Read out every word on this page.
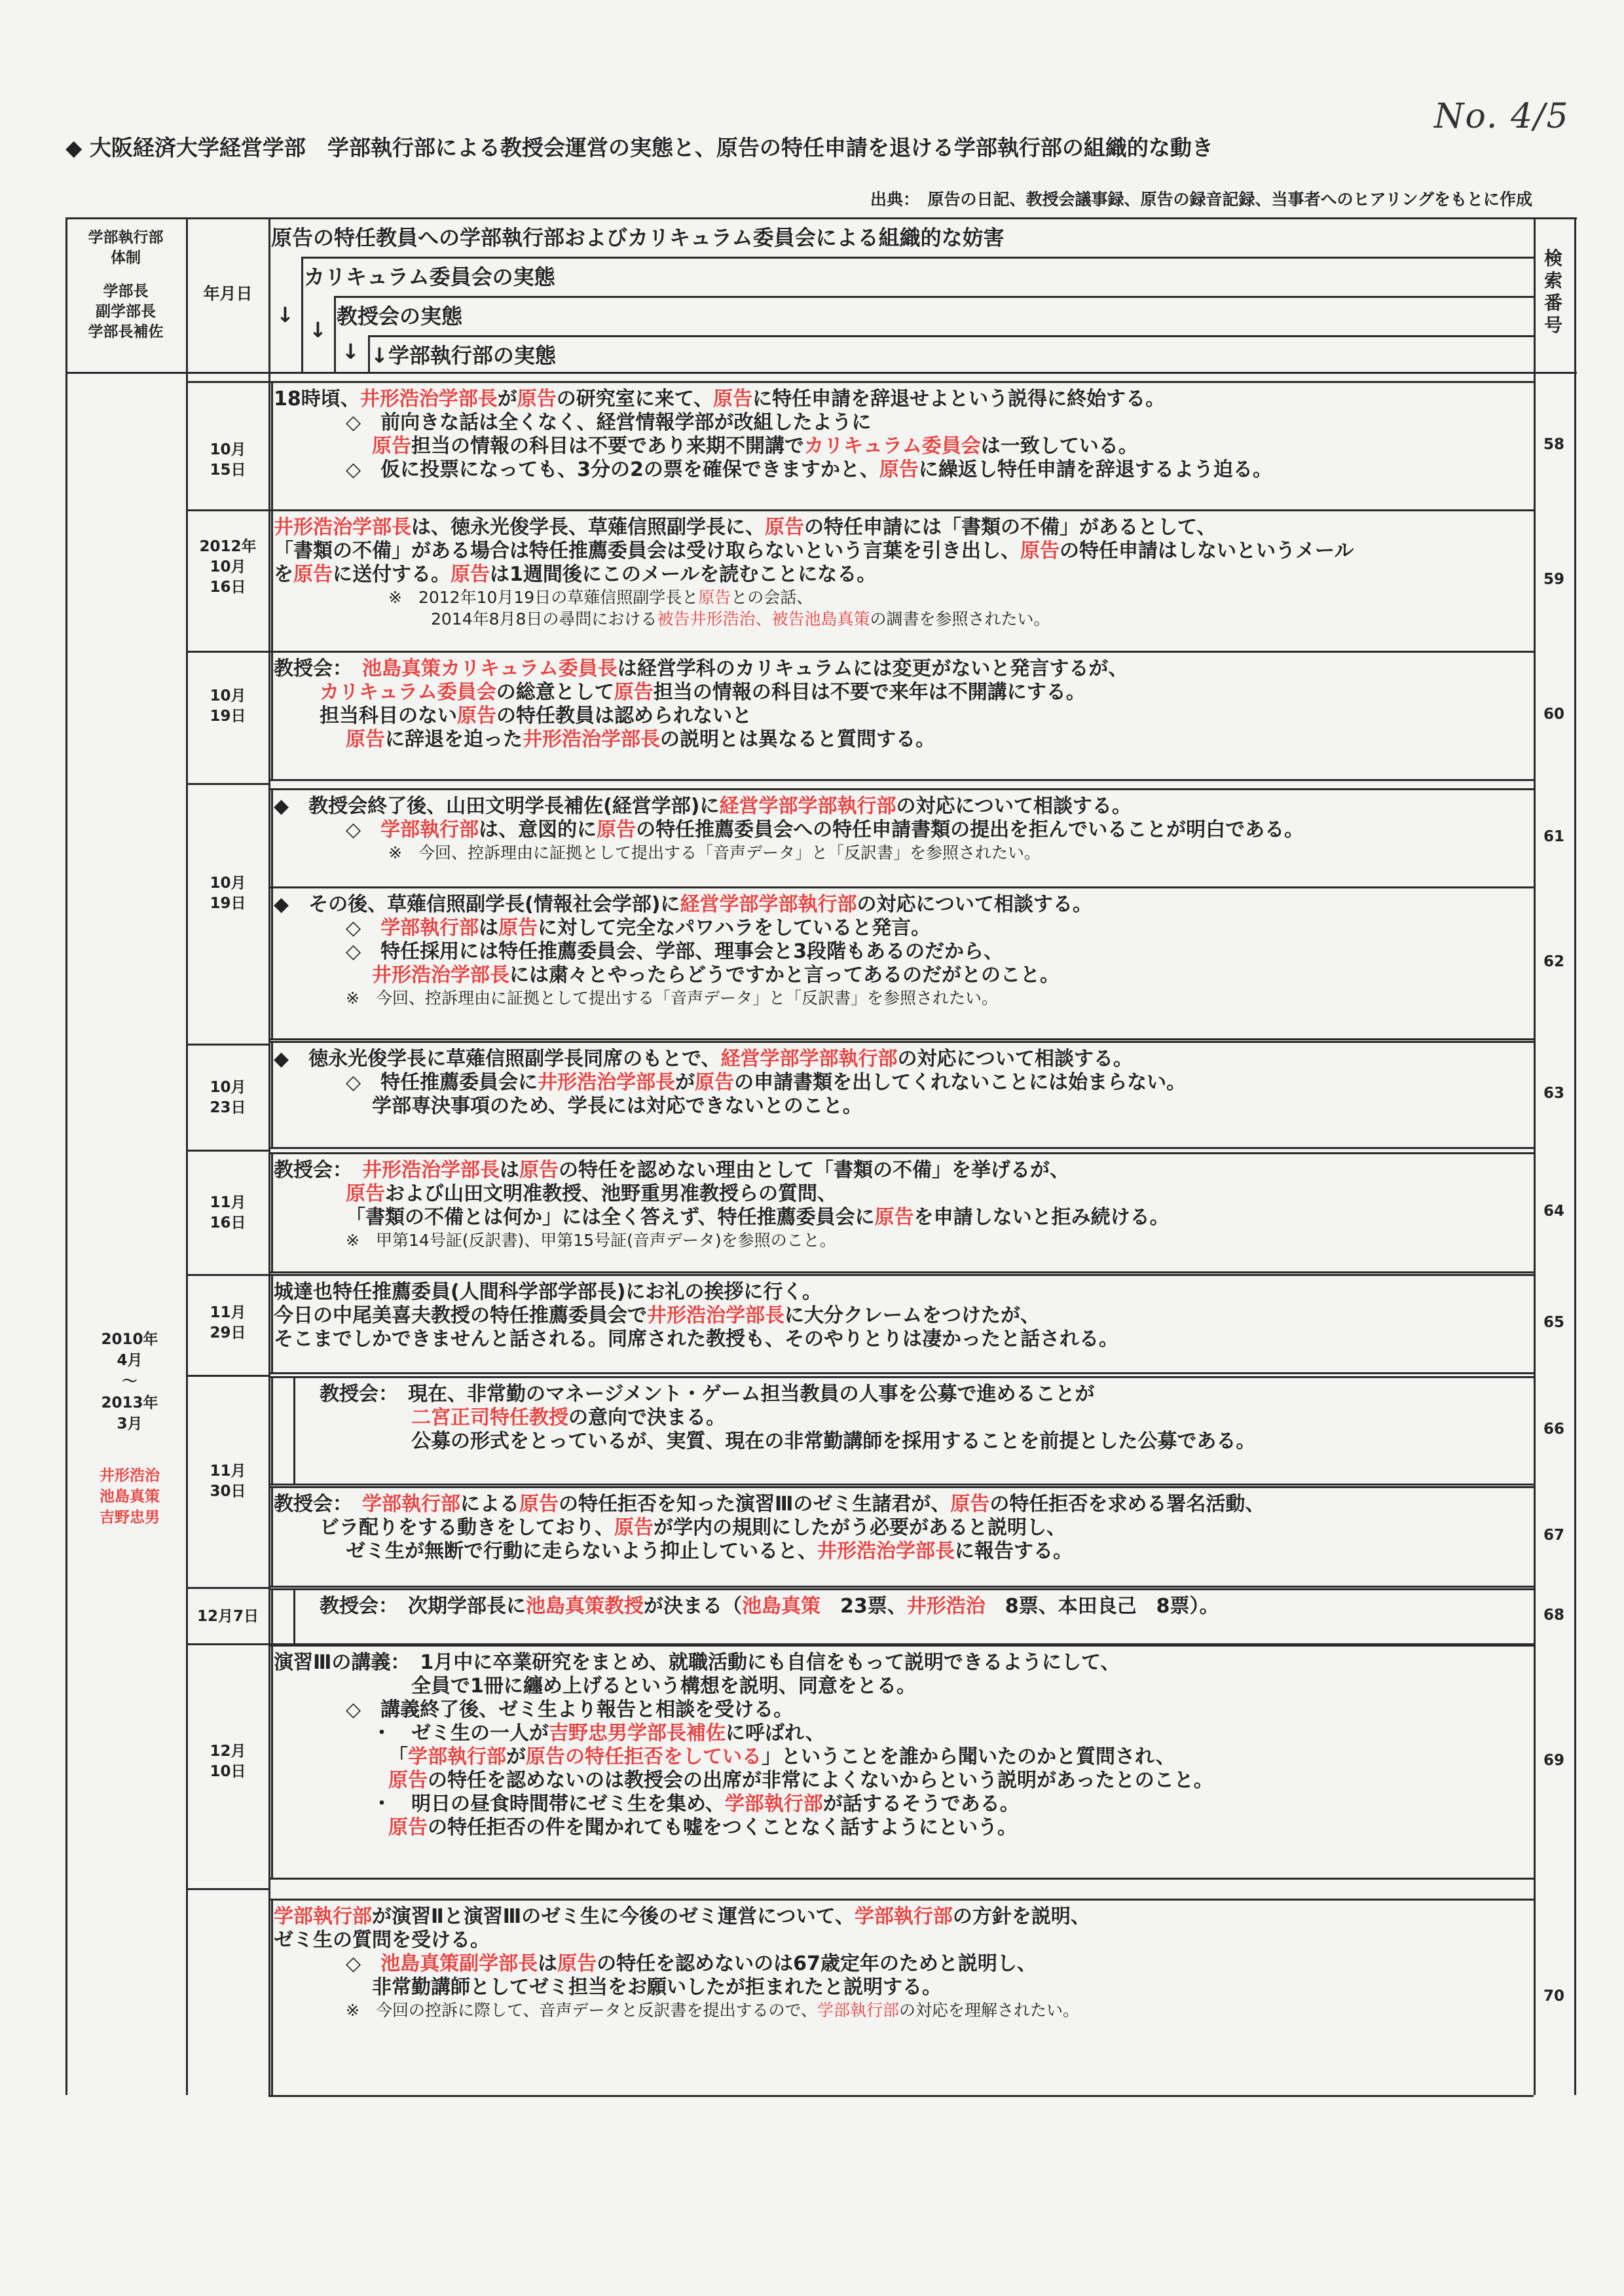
◆ 大阪経済大学経営学部　学部執行部による教授会運営の実態と、原告の特任申請を退ける学部執行部の組織的な動き
No. 4/5
出典：　原告の日記、教授会議事録、原告の録音記録、当事者へのヒアリングをもとに作成
学部執行部
体制
学部長
副学部長
学部長補佐
年月日
原告の特任教員への学部執行部およびカリキュラム委員会による組織的な妨害
カリキュラム委員会の実態
教授会の実態
↓学部執行部の実態
↓
↓
↓
検索番号
2010年
4月
～
2013年
3月
井形浩治
池島真策
吉野忠男
18時頃、井形浩治学部長が原告の研究室に来て、原告に特任申請を辞退せよという説得に終始する。
◇　前向きな話は全くなく、経営情報学部が改組したように
原告担当の情報の科目は不要であり来期不開講でカリキュラム委員会は一致している。
◇　仮に投票になっても、3分の2の票を確保できますかと、原告に繰返し特任申請を辞退するよう迫る。
58
10月
15日
井形浩治学部長は、徳永光俊学長、草薙信照副学長に、原告の特任申請には「書類の不備」があるとして、
「書類の不備」がある場合は特任推薦委員会は受け取らないという言葉を引き出し、原告の特任申請はしないというメール
を原告に送付する。原告は1週間後にこのメールを読むことになる。
※　2012年10月19日の草薙信照副学長と原告との会話、
2014年8月8日の尋問における被告井形浩治、被告池島真策の調書を参照されたい。
59
2012年
10月
16日
教授会：　池島真策カリキュラム委員長は経営学科のカリキュラムには変更がないと発言するが、
カリキュラム委員会の総意として原告担当の情報の科目は不要で来年は不開講にする。
担当科目のない原告の特任教員は認められないと
原告に辞退を迫った井形浩治学部長の説明とは異なると質問する。
60
10月
19日
◆　教授会終了後、山田文明学長補佐(経営学部)に経営学部学部執行部の対応について相談する。
◇　学部執行部は、意図的に原告の特任推薦委員会への特任申請書類の提出を拒んでいることが明白である。
※　今回、控訴理由に証拠として提出する「音声データ」と「反訳書」を参照されたい。
61
◆　その後、草薙信照副学長(情報社会学部)に経営学部学部執行部の対応について相談する。
◇　学部執行部は原告に対して完全なパワハラをしていると発言。
◇　特任採用には特任推薦委員会、学部、理事会と3段階もあるのだから、
井形浩治学部長には粛々とやったらどうですかと言ってあるのだがとのこと。
※　今回、控訴理由に証拠として提出する「音声データ」と「反訳書」を参照されたい。
62
10月
19日
◆　徳永光俊学長に草薙信照副学長同席のもとで、経営学部学部執行部の対応について相談する。
◇　特任推薦委員会に井形浩治学部長が原告の申請書類を出してくれないことには始まらない。
学部専決事項のため、学長には対応できないとのこと。
63
10月
23日
教授会：　井形浩治学部長は原告の特任を認めない理由として「書類の不備」を挙げるが、
原告および山田文明准教授、池野重男准教授らの質問、
「書類の不備とは何か」には全く答えず、特任推薦委員会に原告を申請しないと拒み続ける。
※　甲第14号証(反訳書)、甲第15号証(音声データ)を参照のこと。
64
11月
16日
城達也特任推薦委員(人間科学部学部長)にお礼の挨拶に行く。
今日の中尾美喜夫教授の特任推薦委員会で井形浩治学部長に大分クレームをつけたが、
そこまでしかできませんと話される。同席された教授も、そのやりとりは凄かったと話される。
65
11月
29日
教授会：　現在、非常勤のマネージメント・ゲーム担当教員の人事を公募で進めることが
二宮正司特任教授の意向で決まる。
公募の形式をとっているが、実質、現在の非常勤講師を採用することを前提とした公募である。
66
11月
30日
教授会：　学部執行部による原告の特任拒否を知った演習Ⅲのゼミ生諸君が、原告の特任拒否を求める署名活動、
ビラ配りをする動きをしており、原告が学内の規則にしたがう必要があると説明し、
ゼミ生が無断で行動に走らないよう抑止していると、井形浩治学部長に報告する。
67
教授会：　次期学部長に池島真策教授が決まる（池島真策　23票、井形浩治　8票、本田良己　8票）。	68
12月7日
演習Ⅲの講義：　1月中に卒業研究をまとめ、就職活動にも自信をもって説明できるようにして、
全員で1冊に纏め上げるという構想を説明、同意をとる。
◇　講義終了後、ゼミ生より報告と相談を受ける。
・　ゼミ生の一人が吉野忠男学部長補佐に呼ばれ、
「学部執行部が原告の特任拒否をしている」ということを誰から聞いたのかと質問され、
原告の特任を認めないのは教授会の出席が非常によくないからという説明があったとのこと。
・　明日の昼食時間帯にゼミ生を集め、学部執行部が話するそうである。
原告の特任拒否の件を聞かれても嘘をつくことなく話すようにという。
69
12月
10日
学部執行部が演習Ⅱと演習Ⅲのゼミ生に今後のゼミ運営について、学部執行部の方針を説明、
ゼミ生の質問を受ける。
◇　池島真策副学部長は原告の特任を認めないのは67歳定年のためと説明し、
非常勤講師としてゼミ担当をお願いしたが拒まれたと説明する。
※　今回の控訴に際して、音声データと反訳書を提出するので、学部執行部の対応を理解されたい。
70
